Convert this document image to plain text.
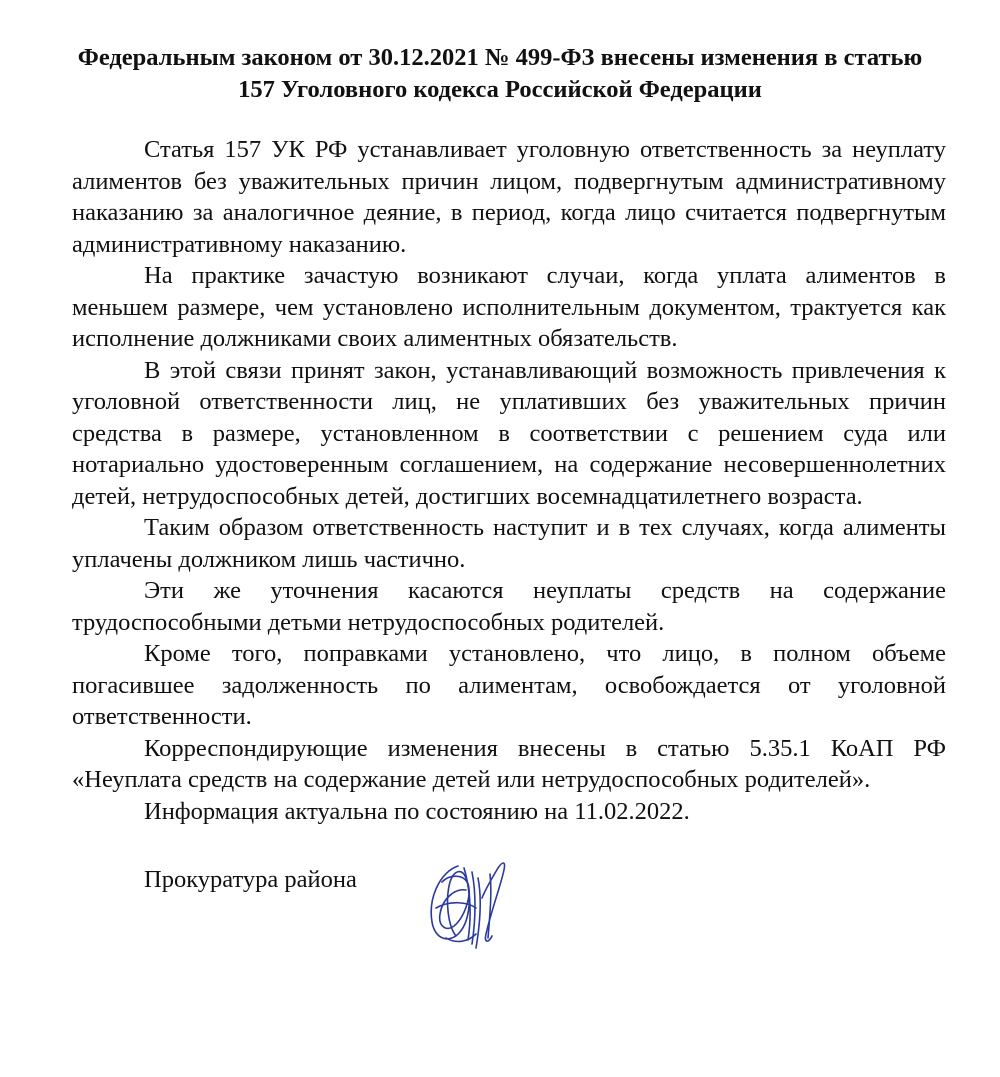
Федеральным законом от 30.12.2021 № 499-ФЗ внесены изменения в статью 157 Уголовного кодекса Российской Федерации

Статья 157 УК РФ устанавливает уголовную ответственность за неуплату алиментов без уважительных причин лицом, подвергнутым административному наказанию за аналогичное деяние, в период, когда лицо считается подвергнутым административному наказанию.

На практике зачастую возникают случаи, когда уплата алиментов в меньшем размере, чем установлено исполнительным документом, трактуется как исполнение должниками своих алиментных обязательств.

В этой связи принят закон, устанавливающий возможность привлечения к уголовной ответственности лиц, не уплативших без уважительных причин средства в размере, установленном в соответствии с решением суда или нотариально удостоверенным соглашением, на содержание несовершеннолетних детей, нетрудоспособных детей, достигших восемнадцатилетнего возраста.

Таким образом ответственность наступит и в тех случаях, когда алименты уплачены должником лишь частично.

Эти же уточнения касаются неуплаты средств на содержание трудоспособными детьми нетрудоспособных родителей.

Кроме того, поправками установлено, что лицо, в полном объеме погасившее задолженность по алиментам, освобождается от уголовной ответственности.

Корреспондирующие изменения внесены в статью 5.35.1 КоАП РФ «Неуплата средств на содержание детей или нетрудоспособных родителей».

Информация актуальна по состоянию на 11.02.2022.

Прокуратура района
